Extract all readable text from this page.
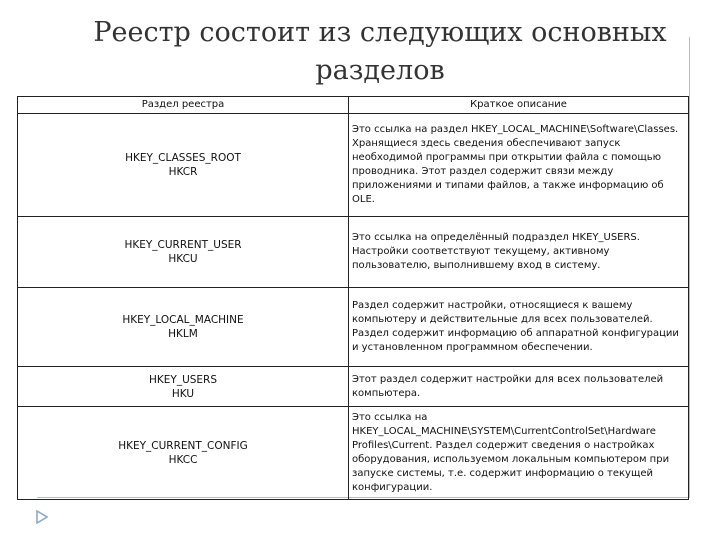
Реестр состоит из следующих основных
разделов
Раздел реестра	Краткое описание
HKEY_CLASSES_ROOT
HKCR	Это ссылка на раздел HKEY_LOCAL_MACHINE\Software\Classes. Хранящиеся здесь сведения обеспечивают запуск необходимой программы при открытии файла с помощью проводника. Этот раздел содержит связи между приложениями и типами файлов, а также информацию об OLE.
HKEY_CURRENT_USER
HKCU	Это ссылка на определённый подраздел HKEY_USERS. Настройки соответствуют текущему, активному пользователю, выполнившему вход в систему.
HKEY_LOCAL_MACHINE
HKLM	Раздел содержит настройки, относящиеся к вашему компьютеру и действительные для всех пользователей. Раздел содержит информацию об аппаратной конфигурации и установленном программном обеспечении.
HKEY_USERS
HKU	Этот раздел содержит настройки для всех пользователей компьютера.
HKEY_CURRENT_CONFIG
HKCC	Это ссылка на HKEY_LOCAL_MACHINE\SYSTEM\CurrentControlSet\Hardware Profiles\Current. Раздел содержит сведения о настройках оборудования, используемом локальным компьютером при запуске системы, т.е. содержит информацию о текущей конфигурации.
